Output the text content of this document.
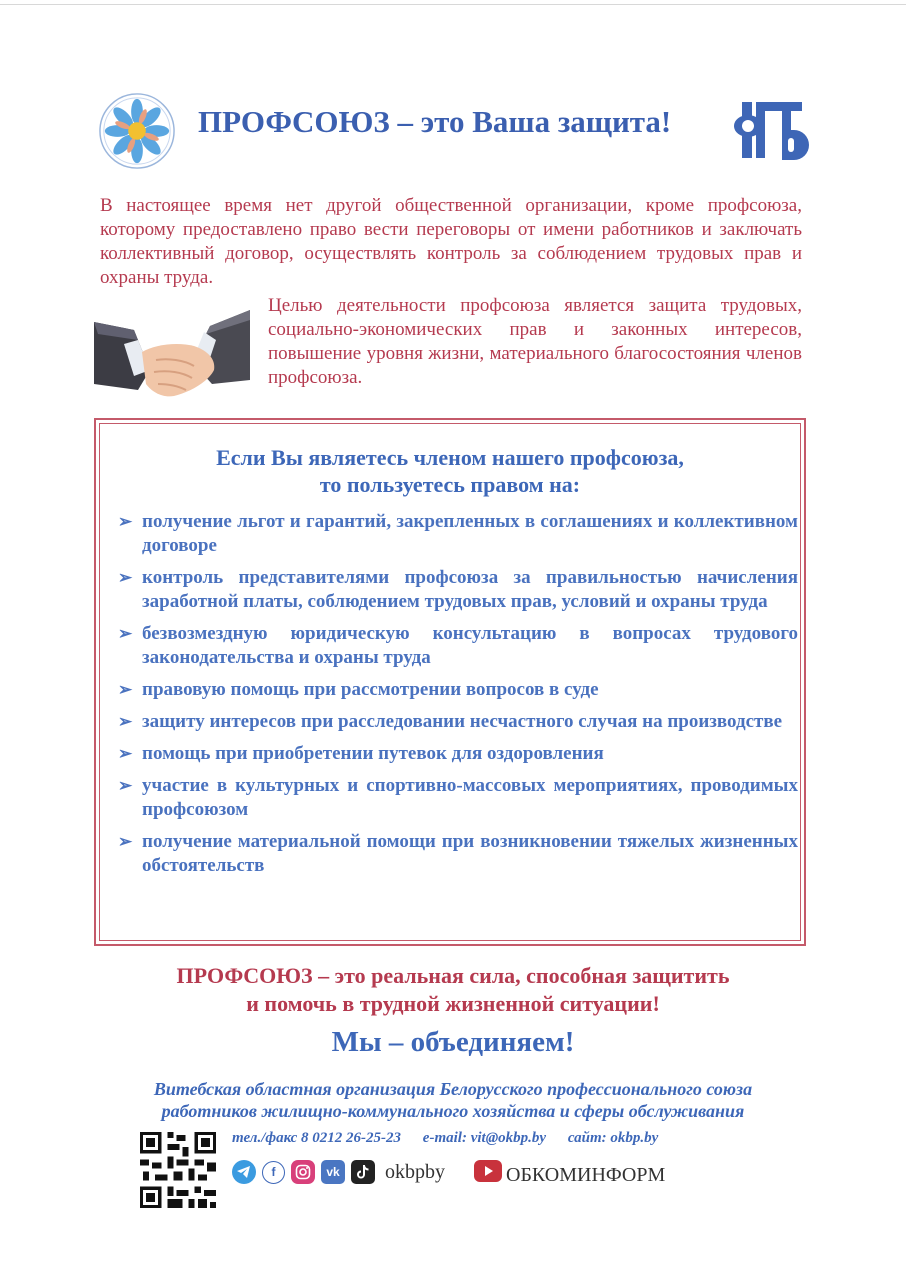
ПРОФСОЮЗ – это Ваша защита!
В настоящее время нет другой общественной организации, кроме профсоюза, которому предоставлено право вести переговоры от имени работников и заключать коллективный договор, осуществлять контроль за соблюдением трудовых прав и охраны труда.
Целью деятельности профсоюза является защита трудовых, социально-экономических прав и законных интересов, повышение уровня жизни, материального благосостояния членов профсоюза.
Если Вы являетесь членом нашего профсоюза,
то пользуетесь правом на:
➢ получение льгот и гарантий, закрепленных в соглашениях и коллективном договоре
➢ контроль представителями профсоюза за правильностью начисления заработной платы, соблюдением трудовых прав, условий и охраны труда
➢ безвозмездную юридическую консультацию в вопросах трудового законодательства и охраны труда
➢ правовую помощь при рассмотрении вопросов в суде
➢ защиту интересов при расследовании несчастного случая на производстве
➢ помощь при приобретении путевок для оздоровления
➢ участие в культурных и спортивно-массовых мероприятиях, проводимых профсоюзом
➢ получение материальной помощи при возникновении тяжелых жизненных обстоятельств
ПРОФСОЮЗ – это реальная сила, способная защитить
и помочь в трудной жизненной ситуации!
Мы – объединяем!
Витебская областная организация Белорусского профессионального союза
работников жилищно-коммунального хозяйства и сферы обслуживания
тел./факс 8 0212 26-25-23 e-mail: vit@okbp.by сайт: okbp.by
f	vk okbpby	ОБКОМИНФОРМ
